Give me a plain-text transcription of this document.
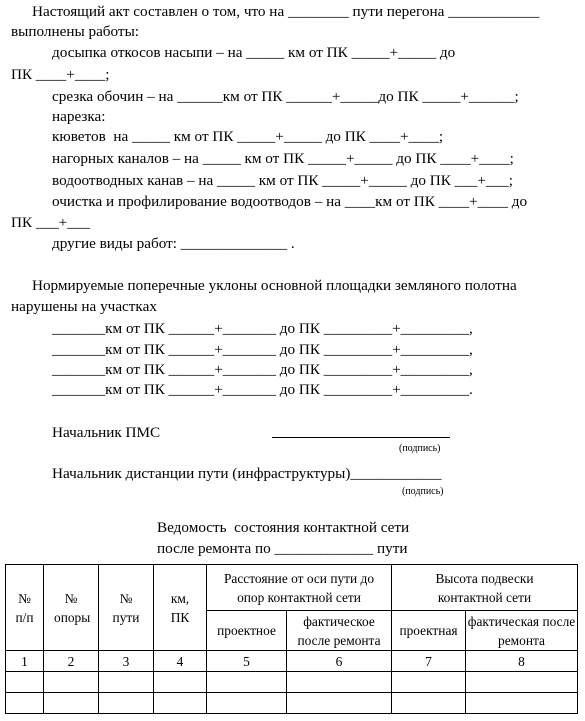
Настоящий акт составлен о том, что на ________ пути перегона ____________
выполнены работы:
досыпка откосов насыпи – на _____ км от ПК _____+_____ до
ПК ____+____;
срезка обочин – на ______км от ПК ______+_____до ПК _____+______;
нарезка:
кюветов  на _____ км от ПК _____+_____ до ПК ____+____;
нагорных каналов – на _____ км от ПК _____+_____ до ПК ____+____;
водоотводных канав – на _____ км от ПК _____+_____ до ПК ___+___;
очистка и профилирование водоотводов – на ____км от ПК ____+____ до
ПК ___+___
другие виды работ: ______________ .
Нормируемые поперечные уклоны основной площадки земляного полотна
нарушены на участках
_______км от ПК ______+_______ до ПК _________+_________,
_______км от ПК ______+_______ до ПК _________+_________,
_______км от ПК ______+_______ до ПК _________+_________,
_______км от ПК ______+_______ до ПК _________+_________.
Начальник ПМС
(подпись)
Начальник дистанции пути (инфраструктуры)____________
(подпись)
Ведомость  состояния контактной сети
после ремонта по _____________ пути
№ п/п	№ опоры	№ пути	км, ПК	Расстояние от оси пути до опор контактной сети		Высота подвески контактной сети	
				проектное	фактическое после ремонта	проектная	фактическая после ремонта
1	2	3	4	5	6	7	8
